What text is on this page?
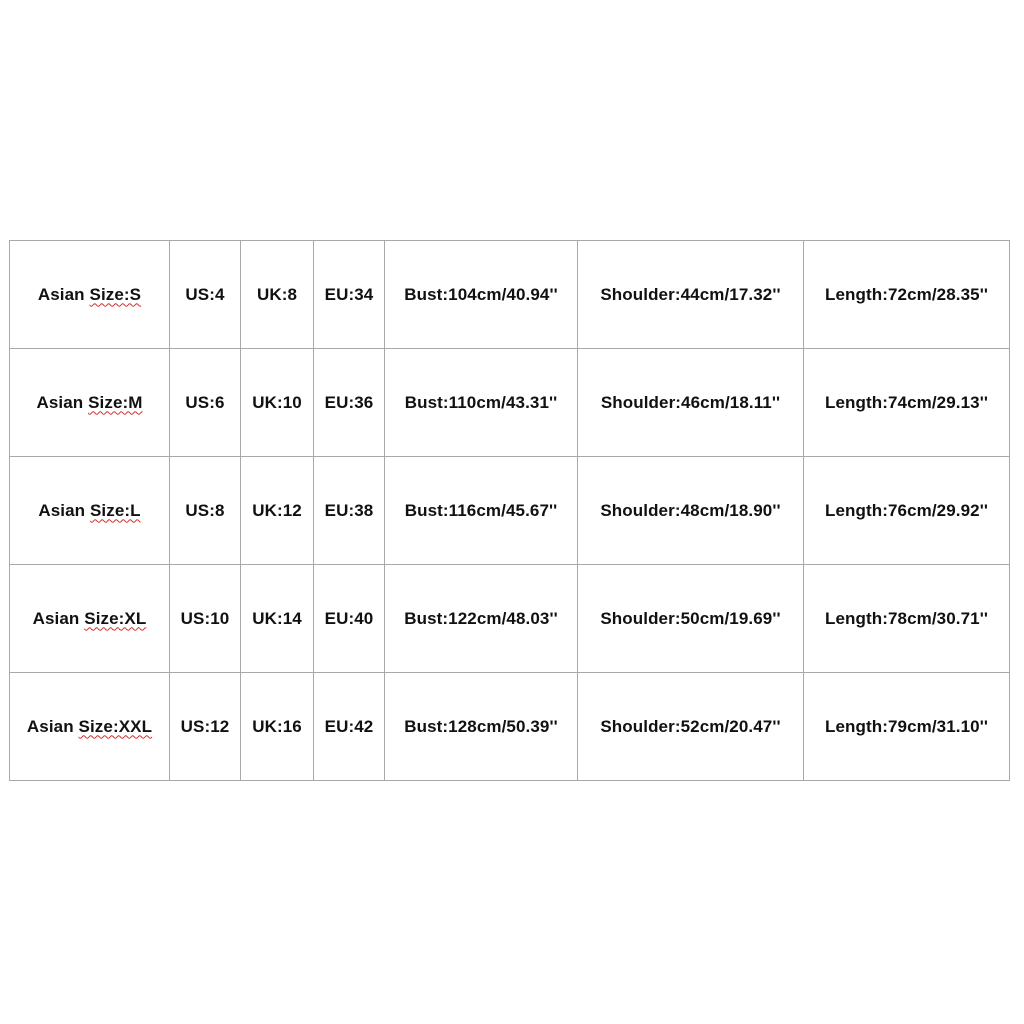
Asian Size:S	US:4	UK:8	EU:34	Bust:104cm/40.94''	Shoulder:44cm/17.32''	Length:72cm/28.35''
Asian Size:M	US:6	UK:10	EU:36	Bust:110cm/43.31''	Shoulder:46cm/18.11''	Length:74cm/29.13''
Asian Size:L	US:8	UK:12	EU:38	Bust:116cm/45.67''	Shoulder:48cm/18.90''	Length:76cm/29.92''
Asian Size:XL	US:10	UK:14	EU:40	Bust:122cm/48.03''	Shoulder:50cm/19.69''	Length:78cm/30.71''
Asian Size:XXL	US:12	UK:16	EU:42	Bust:128cm/50.39''	Shoulder:52cm/20.47''	Length:79cm/31.10''
